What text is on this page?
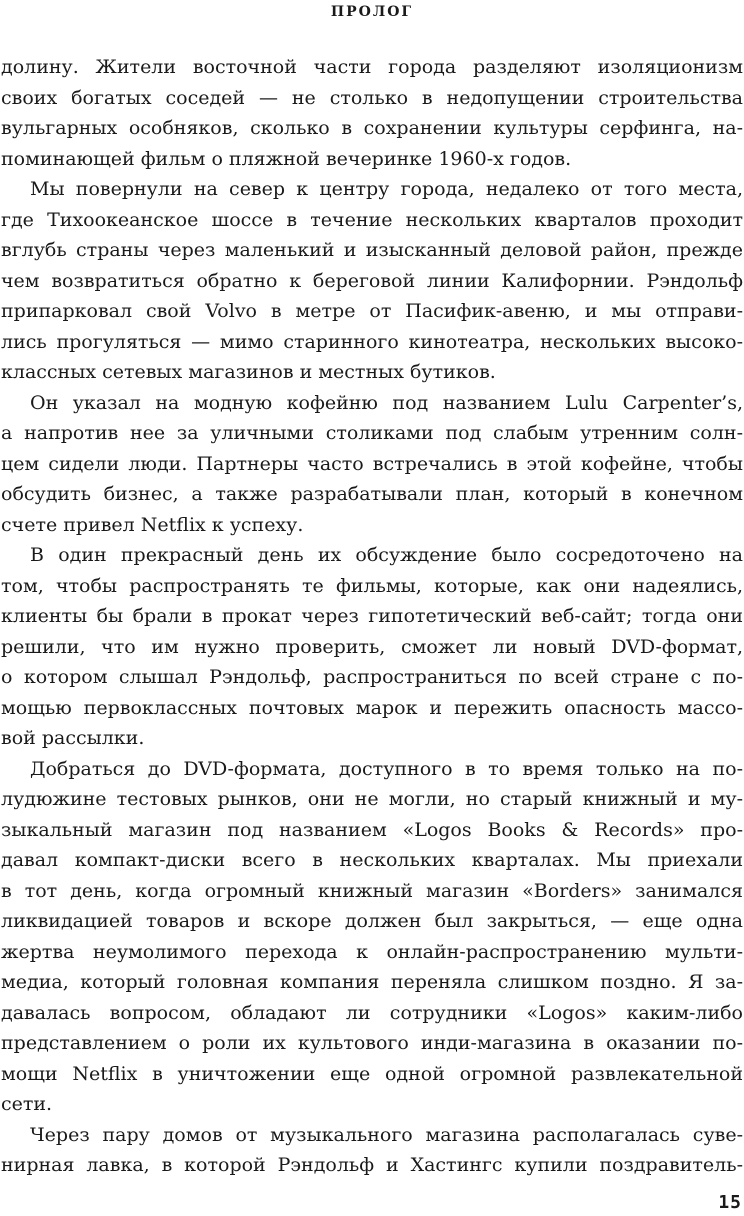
ПРОЛОГ
долину. Жители восточной части города разделяют изоляционизм
своих богатых соседей — не столько в недопущении строительства
вульгарных особняков, сколько в сохранении культуры серфинга, на-
поминающей фильм о пляжной вечеринке 1960-х годов.
Мы повернули на север к центру города, недалеко от того места,
где Тихоокеанское шоссе в течение нескольких кварталов проходит
вглубь страны через маленький и изысканный деловой район, прежде
чем возвратиться обратно к береговой линии Калифорнии. Рэндольф
припарковал свой Volvo в метре от Пасифик-авеню, и мы отправи-
лись прогуляться — мимо старинного кинотеатра, нескольких высоко-
классных сетевых магазинов и местных бутиков.
Он указал на модную кофейню под названием Lulu Carpenter’s,
а напротив нее за уличными столиками под слабым утренним солн-
цем сидели люди. Партнеры часто встречались в этой кофейне, чтобы
обсудить бизнес, а также разрабатывали план, который в конечном
счете привел Netflix к успеху.
В один прекрасный день их обсуждение было сосредоточено на
том, чтобы распространять те фильмы, которые, как они надеялись,
клиенты бы брали в прокат через гипотетический веб-сайт; тогда они
решили, что им нужно проверить, сможет ли новый DVD-формат,
о котором слышал Рэндольф, распространиться по всей стране с по-
мощью первоклассных почтовых марок и пережить опасность массо-
вой рассылки.
Добраться до DVD-формата, доступного в то время только на по-
лудюжине тестовых рынков, они не могли, но старый книжный и му-
зыкальный магазин под названием «Logos Books & Records» про-
давал компакт-диски всего в нескольких кварталах. Мы приехали
в тот день, когда огромный книжный магазин «Borders» занимался
ликвидацией товаров и вскоре должен был закрыться, — еще одна
жертва неумолимого перехода к онлайн-распространению мульти-
медиа, который головная компания переняла слишком поздно. Я за-
давалась вопросом, обладают ли сотрудники «Logos» каким-либо
представлением о роли их культового инди-магазина в оказании по-
мощи Netflix в уничтожении еще одной огромной развлекательной
сети.
Через пару домов от музыкального магазина располагалась суве-
нирная лавка, в которой Рэндольф и Хастингс купили поздравитель-
15
